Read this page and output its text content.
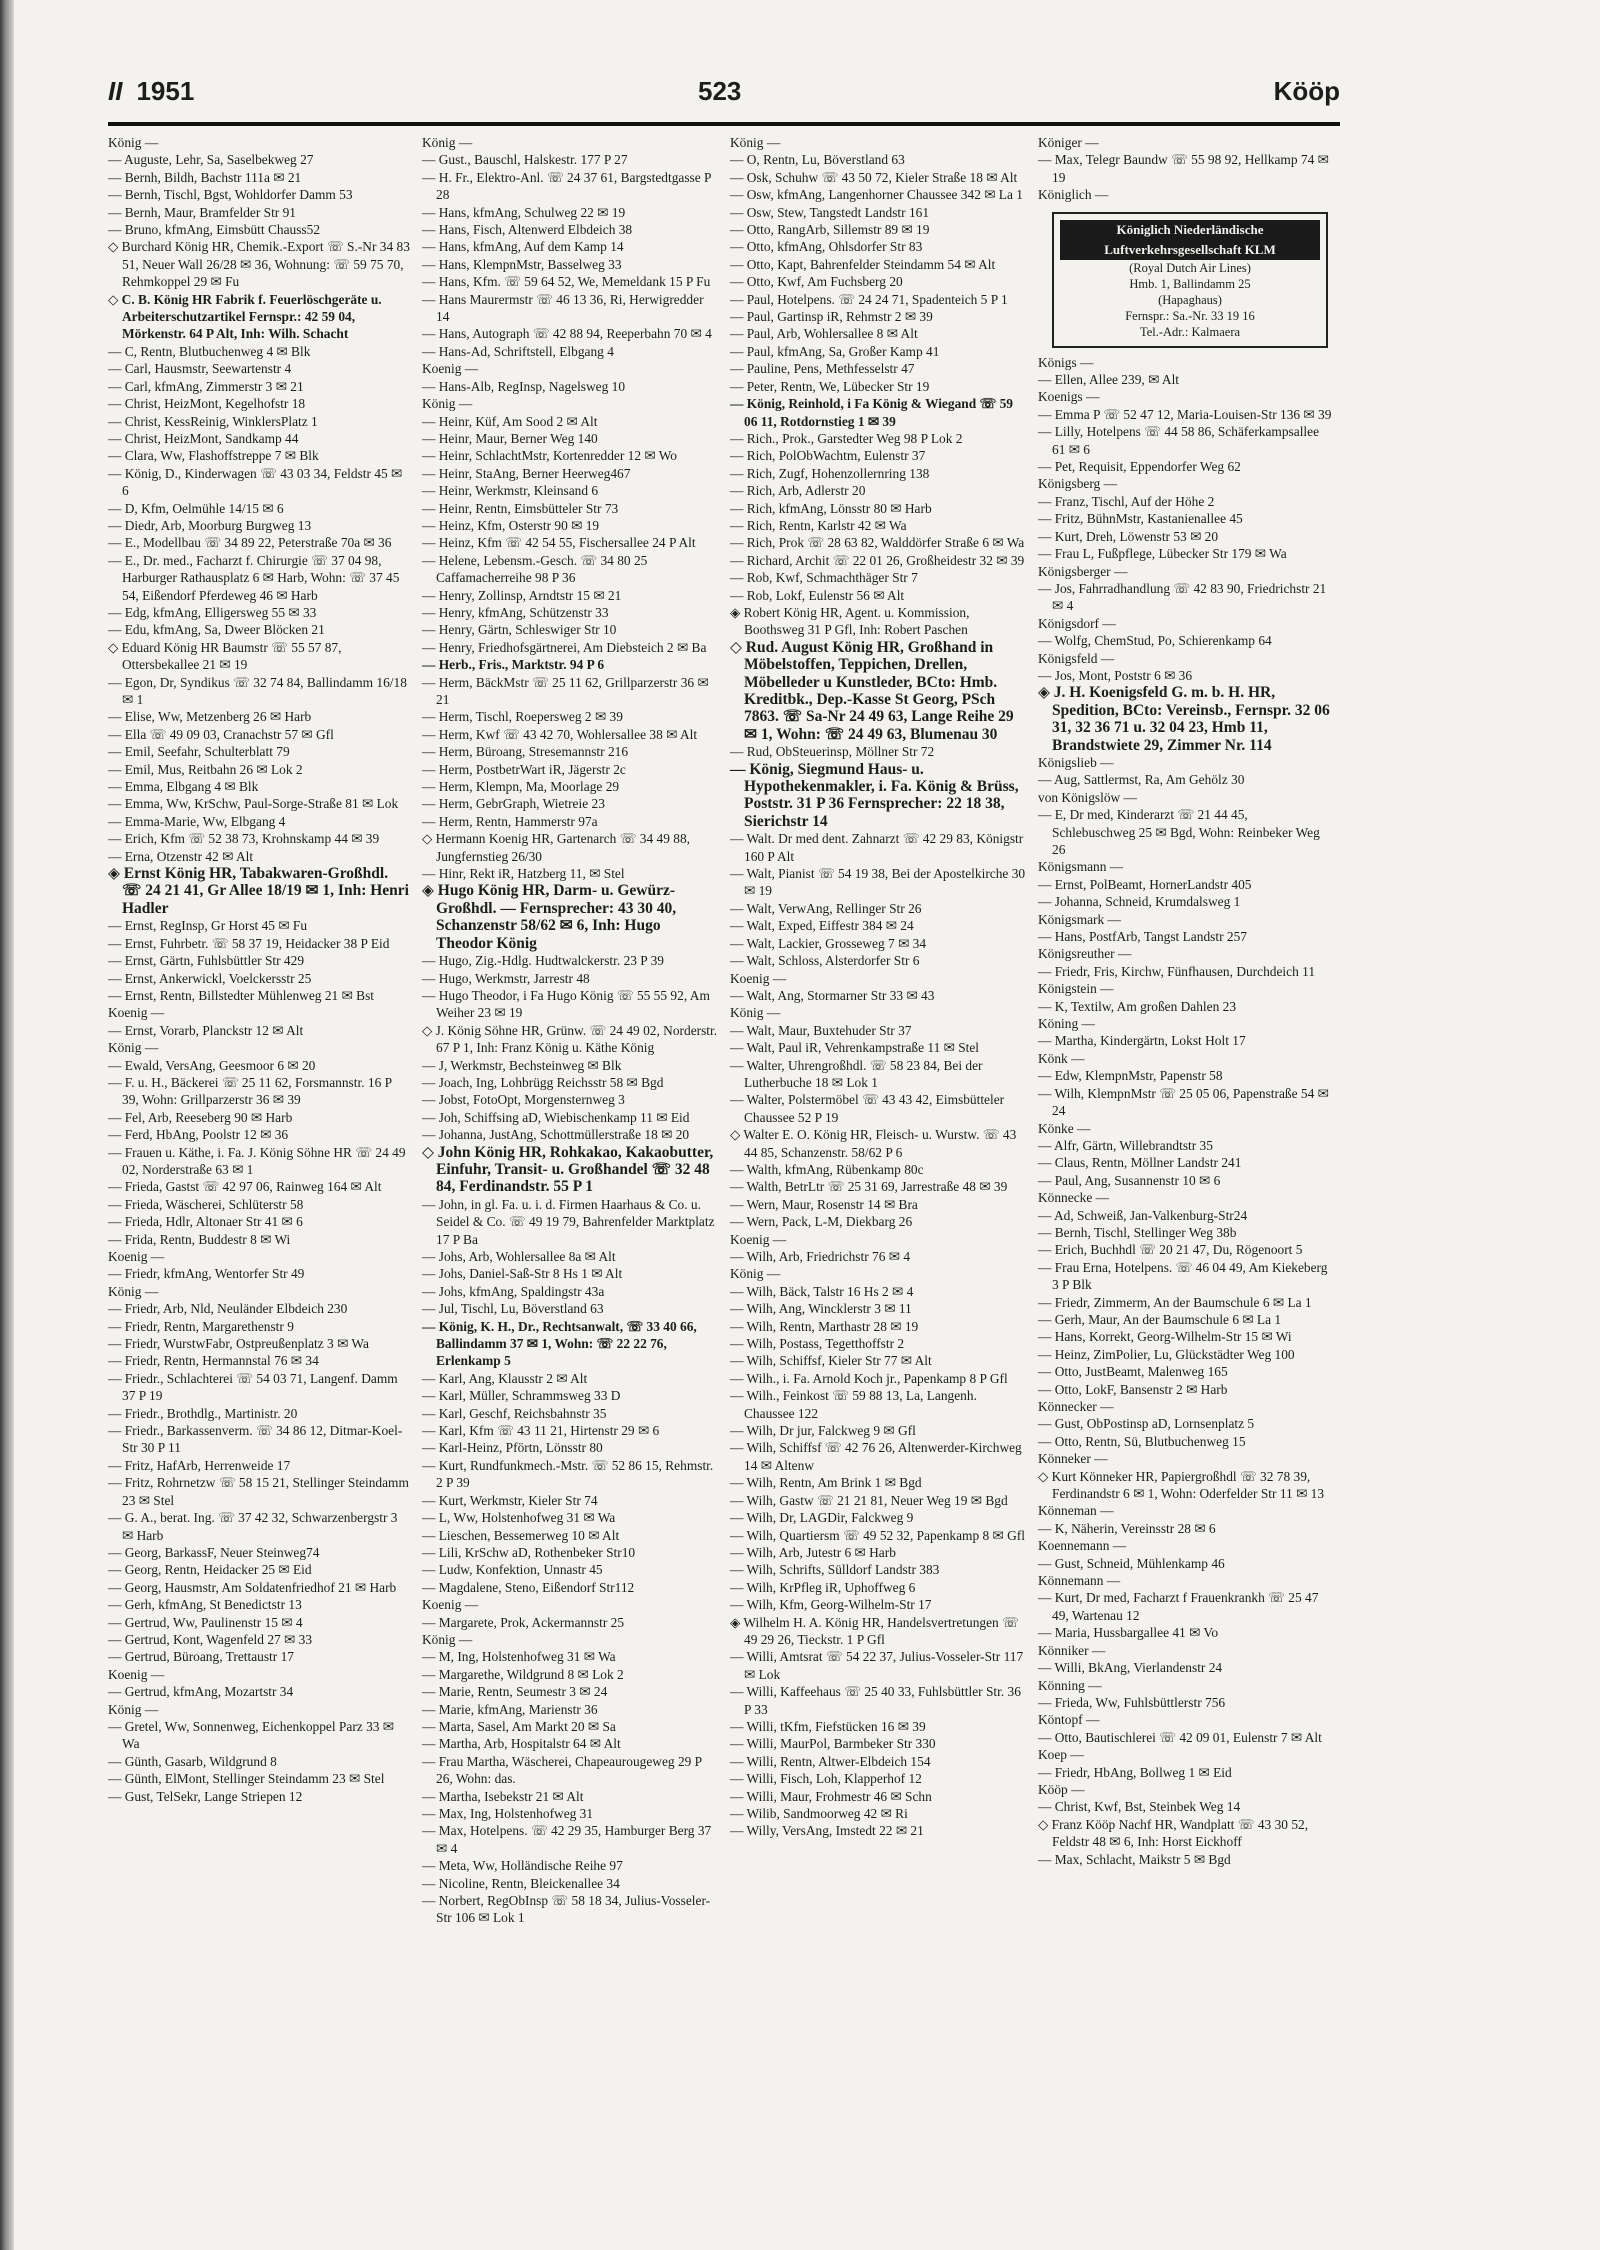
II 1951	523	Kööp
König —
— Auguste, Lehr, Sa, Saselbekweg 27
— Bernh, Bildh, Bachstr 111a ✉ 21
— Bernh, Tischl, Bgst, Wohldorfer Damm 53
— Bernh, Maur, Bramfelder Str 91
— Bruno, kfmAng, Eimsbütt Chauss52
◇ Burchard König HR, Chemik.-Export ☏ S.-Nr 34 83 51, Neuer Wall 26/28 ✉ 36, Wohnung: ☏ 59 75 70, Rehmkoppel 29 ✉ Fu
◇ C. B. König HR Fabrik f. Feuerlöschgeräte u. Arbeiterschutzartikel Fernspr.: 42 59 04, Mörkenstr. 64 P Alt, Inh: Wilh. Schacht
— C, Rentn, Blutbuchenweg 4 ✉ Blk
— Carl, Hausmstr, Seewartenstr 4
— Carl, kfmAng, Zimmerstr 3 ✉ 21
— Christ, HeizMont, Kegelhofstr 18
— Christ, KessReinig, WinklersPlatz 1
— Christ, HeizMont, Sandkamp 44
— Clara, Ww, Flashoffstreppe 7 ✉ Blk
— König, D., Kinderwagen ☏ 43 03 34, Feldstr 45 ✉ 6
— D, Kfm, Oelmühle 14/15 ✉ 6
— Diedr, Arb, Moorburg Burgweg 13
— E., Modellbau ☏ 34 89 22, Peterstraße 70a ✉ 36
— E., Dr. med., Facharzt f. Chirurgie ☏ 37 04 98, Harburger Rathausplatz 6 ✉ Harb, Wohn: ☏ 37 45 54, Eißendorf Pferdeweg 46 ✉ Harb
— Edg, kfmAng, Elligersweg 55 ✉ 33
— Edu, kfmAng, Sa, Dweer Blöcken 21
◇ Eduard König HR Baumstr ☏ 55 57 87, Ottersbekallee 21 ✉ 19
— Egon, Dr, Syndikus ☏ 32 74 84, Ballindamm 16/18 ✉ 1
— Elise, Ww, Metzenberg 26 ✉ Harb
— Ella ☏ 49 09 03, Cranachstr 57 ✉ Gfl
— Emil, Seefahr, Schulterblatt 79
— Emil, Mus, Reitbahn 26 ✉ Lok 2
— Emma, Elbgang 4 ✉ Blk
— Emma, Ww, KrSchw, Paul-Sorge-Straße 81 ✉ Lok
— Emma-Marie, Ww, Elbgang 4
— Erich, Kfm ☏ 52 38 73, Krohnskamp 44 ✉ 39
— Erna, Otzenstr 42 ✉ Alt
◈ Ernst König HR, Tabakwaren-Großhdl. ☏ 24 21 41, Gr Allee 18/19 ✉ 1, Inh: Henri Hadler
— Ernst, RegInsp, Gr Horst 45 ✉ Fu
— Ernst, Fuhrbetr. ☏ 58 37 19, Heidacker 38 P Eid
— Ernst, Gärtn, Fuhlsbüttler Str 429
— Ernst, Ankerwickl, Voelckersstr 25
— Ernst, Rentn, Billstedter Mühlenweg 21 ✉ Bst
Koenig —
— Ernst, Vorarb, Planckstr 12 ✉ Alt
König —
— Ewald, VersAng, Geesmoor 6 ✉ 20
— F. u. H., Bäckerei ☏ 25 11 62, Forsmannstr. 16 P 39, Wohn: Grillparzerstr 36 ✉ 39
— Fel, Arb, Reeseberg 90 ✉ Harb
— Ferd, HbAng, Poolstr 12 ✉ 36
— Frauen u. Käthe, i. Fa. J. König Söhne HR ☏ 24 49 02, Norderstraße 63 ✉ 1
— Frieda, Gastst ☏ 42 97 06, Rainweg 164 ✉ Alt
— Frieda, Wäscherei, Schlüterstr 58
— Frieda, Hdlr, Altonaer Str 41 ✉ 6
— Frida, Rentn, Buddestr 8 ✉ Wi
Koenig —
— Friedr, kfmAng, Wentorfer Str 49
König —
— Friedr, Arb, Nld, Neuländer Elbdeich 230
— Friedr, Rentn, Margarethenstr 9
— Friedr, WurstwFabr, Ostpreußenplatz 3 ✉ Wa
— Friedr, Rentn, Hermannstal 76 ✉ 34
— Friedr., Schlachterei ☏ 54 03 71, Langenf. Damm 37 P 19
— Friedr., Brothdlg., Martinistr. 20
— Friedr., Barkassenverm. ☏ 34 86 12, Ditmar-Koel-Str 30 P 11
— Fritz, HafArb, Herrenweide 17
— Fritz, Rohrnetzw ☏ 58 15 21, Stellinger Steindamm 23 ✉ Stel
— G. A., berat. Ing. ☏ 37 42 32, Schwarzenbergstr 3 ✉ Harb
— Georg, BarkassF, Neuer Steinweg74
— Georg, Rentn, Heidacker 25 ✉ Eid
— Georg, Hausmstr, Am Soldatenfriedhof 21 ✉ Harb
— Gerh, kfmAng, St Benedictstr 13
— Gertrud, Ww, Paulinenstr 15 ✉ 4
— Gertrud, Kont, Wagenfeld 27 ✉ 33
— Gertrud, Büroang, Trettaustr 17
Koenig —
— Gertrud, kfmAng, Mozartstr 34
König —
— Gretel, Ww, Sonnenweg, Eichenkoppel Parz 33 ✉ Wa
— Günth, Gasarb, Wildgrund 8
— Günth, ElMont, Stellinger Steindamm 23 ✉ Stel
— Gust, TelSekr, Lange Striepen 12
König —
— Gust., Bauschl, Halskestr. 177 P 27
— H. Fr., Elektro-Anl. ☏ 24 37 61, Bargstedtgasse P 28
— Hans, kfmAng, Schulweg 22 ✉ 19
— Hans, Fisch, Altenwerd Elbdeich 38
— Hans, kfmAng, Auf dem Kamp 14
— Hans, KlempnMstr, Basselweg 33
— Hans, Kfm. ☏ 59 64 52, We, Memeldank 15 P Fu
— Hans Maurermstr ☏ 46 13 36, Ri, Herwigredder 14
— Hans, Autograph ☏ 42 88 94, Reeperbahn 70 ✉ 4
— Hans-Ad, Schriftstell, Elbgang 4
Koenig —
— Hans-Alb, RegInsp, Nagelsweg 10
König —
— Heinr, Küf, Am Sood 2 ✉ Alt
— Heinr, Maur, Berner Weg 140
— Heinr, SchlachtMstr, Kortenredder 12 ✉ Wo
— Heinr, StaAng, Berner Heerweg467
— Heinr, Werkmstr, Kleinsand 6
— Heinr, Rentn, Eimsbütteler Str 73
— Heinz, Kfm, Osterstr 90 ✉ 19
— Heinz, Kfm ☏ 42 54 55, Fischersallee 24 P Alt
— Helene, Lebensm.-Gesch. ☏ 34 80 25 Caffamacherreihe 98 P 36
— Henry, Zollinsp, Arndtstr 15 ✉ 21
— Henry, kfmAng, Schützenstr 33
— Henry, Gärtn, Schleswiger Str 10
— Henry, Friedhofsgärtnerei, Am Diebsteich 2 ✉ Ba
— Herb., Fris., Marktstr. 94 P 6
— Herm, BäckMstr ☏ 25 11 62, Grillparzerstr 36 ✉ 21
— Herm, Tischl, Roepersweg 2 ✉ 39
— Herm, Kwf ☏ 43 42 70, Wohlersallee 38 ✉ Alt
— Herm, Büroang, Stresemannstr 216
— Herm, PostbetrWart iR, Jägerstr 2c
— Herm, Klempn, Ma, Moorlage 29
— Herm, GebrGraph, Wietreie 23
— Herm, Rentn, Hammerstr 97a
◇ Hermann Koenig HR, Gartenarch ☏ 34 49 88, Jungfernstieg 26/30
— Hinr, Rekt iR, Hatzberg 11, ✉ Stel
◈ Hugo König HR, Darm- u. Gewürz-Großhdl. — Fernsprecher: 43 30 40, Schanzenstr 58/62 ✉ 6, Inh: Hugo Theodor König
— Hugo, Zig.-Hdlg. Hudtwalckerstr. 23 P 39
— Hugo, Werkmstr, Jarrestr 48
— Hugo Theodor, i Fa Hugo König ☏ 55 55 92, Am Weiher 23 ✉ 19
◇ J. König Söhne HR, Grünw. ☏ 24 49 02, Norderstr. 67 P 1, Inh: Franz König u. Käthe König
— J, Werkmstr, Bechsteinweg ✉ Blk
— Joach, Ing, Lohbrügg Reichsstr 58 ✉ Bgd
— Jobst, FotoOpt, Morgensternweg 3
— Joh, Schiffsing aD, Wiebischenkamp 11 ✉ Eid
— Johanna, JustAng, Schottmüllerstraße 18 ✉ 20
◇ John König HR, Rohkakao, Kakaobutter, Einfuhr, Transit- u. Großhandel ☏ 32 48 84, Ferdinandstr. 55 P 1
— John, in gl. Fa. u. i. d. Firmen Haarhaus & Co. u. Seidel & Co. ☏ 49 19 79, Bahrenfelder Marktplatz 17 P Ba
— Johs, Arb, Wohlersallee 8a ✉ Alt
— Johs, Daniel-Saß-Str 8 Hs 1 ✉ Alt
— Johs, kfmAng, Spaldingstr 43a
— Jul, Tischl, Lu, Böverstland 63
— König, K. H., Dr., Rechtsanwalt, ☏ 33 40 66, Ballindamm 37 ✉ 1, Wohn: ☏ 22 22 76, Erlenkamp 5
— Karl, Ang, Klausstr 2 ✉ Alt
— Karl, Müller, Schrammsweg 33 D
— Karl, Geschf, Reichsbahnstr 35
— Karl, Kfm ☏ 43 11 21, Hirtenstr 29 ✉ 6
— Karl-Heinz, Pförtn, Lönsstr 80
— Kurt, Rundfunkmech.-Mstr. ☏ 52 86 15, Rehmstr. 2 P 39
— Kurt, Werkmstr, Kieler Str 74
— L, Ww, Holstenhofweg 31 ✉ Wa
— Lieschen, Bessemerweg 10 ✉ Alt
— Lili, KrSchw aD, Rothenbeker Str10
— Ludw, Konfektion, Unnastr 45
— Magdalene, Steno, Eißendorf Str112
Koenig —
— Margarete, Prok, Ackermannstr 25
König —
— M, Ing, Holstenhofweg 31 ✉ Wa
— Margarethe, Wildgrund 8 ✉ Lok 2
— Marie, Rentn, Seumestr 3 ✉ 24
— Marie, kfmAng, Marienstr 36
— Marta, Sasel, Am Markt 20 ✉ Sa
— Martha, Arb, Hospitalstr 64 ✉ Alt
— Frau Martha, Wäscherei, Chapeaurougeweg 29 P 26, Wohn: das.
— Martha, Isebekstr 21 ✉ Alt
— Max, Ing, Holstenhofweg 31
— Max, Hotelpens. ☏ 42 29 35, Hamburger Berg 37 ✉ 4
— Meta, Ww, Holländische Reihe 97
— Nicoline, Rentn, Bleickenallee 34
— Norbert, RegObInsp ☏ 58 18 34, Julius-Vosseler-Str 106 ✉ Lok 1
König —
— O, Rentn, Lu, Böverstland 63
— Osk, Schuhw ☏ 43 50 72, Kieler Straße 18 ✉ Alt
— Osw, kfmAng, Langenhorner Chaussee 342 ✉ La 1
— Osw, Stew, Tangstedt Landstr 161
— Otto, RangArb, Sillemstr 89 ✉ 19
— Otto, kfmAng, Ohlsdorfer Str 83
— Otto, Kapt, Bahrenfelder Steindamm 54 ✉ Alt
— Otto, Kwf, Am Fuchsberg 20
— Paul, Hotelpens. ☏ 24 24 71, Spadenteich 5 P 1
— Paul, Gartinsp iR, Rehmstr 2 ✉ 39
— Paul, Arb, Wohlersallee 8 ✉ Alt
— Paul, kfmAng, Sa, Großer Kamp 41
— Pauline, Pens, Methfesselstr 47
— Peter, Rentn, We, Lübecker Str 19
— König, Reinhold, i Fa König & Wiegand ☏ 59 06 11, Rotdornstieg 1 ✉ 39
— Rich., Prok., Garstedter Weg 98 P Lok 2
— Rich, PolObWachtm, Eulenstr 37
— Rich, Zugf, Hohenzollernring 138
— Rich, Arb, Adlerstr 20
— Rich, kfmAng, Lönsstr 80 ✉ Harb
— Rich, Rentn, Karlstr 42 ✉ Wa
— Rich, Prok ☏ 28 63 82, Walddörfer Straße 6 ✉ Wa
— Richard, Archit ☏ 22 01 26, Großheidestr 32 ✉ 39
— Rob, Kwf, Schmachthäger Str 7
— Rob, Lokf, Eulenstr 56 ✉ Alt
◈ Robert König HR, Agent. u. Kommission, Boothsweg 31 P Gfl, Inh: Robert Paschen
◇ Rud. August König HR, Großhand in Möbelstoffen, Teppichen, Drellen, Möbelleder u Kunstleder, BCto: Hmb. Kreditbk., Dep.-Kasse St Georg, PSch 7863. ☏ Sa-Nr 24 49 63, Lange Reihe 29 ✉ 1, Wohn: ☏ 24 49 63, Blumenau 30
— Rud, ObSteuerinsp, Möllner Str 72
— König, Siegmund Haus- u. Hypothekenmakler, i. Fa. König & Brüss, Poststr. 31 P 36 Fernsprecher: 22 18 38, Sierichstr 14
— Walt. Dr med dent. Zahnarzt ☏ 42 29 83, Königstr 160 P Alt
— Walt, Pianist ☏ 54 19 38, Bei der Apostelkirche 30 ✉ 19
— Walt, VerwAng, Rellinger Str 26
— Walt, Exped, Eiffestr 384 ✉ 24
— Walt, Lackier, Grosseweg 7 ✉ 34
— Walt, Schloss, Alsterdorfer Str 6
Koenig —
— Walt, Ang, Stormarner Str 33 ✉ 43
König —
— Walt, Maur, Buxtehuder Str 37
— Walt, Paul iR, Vehrenkampstraße 11 ✉ Stel
— Walter, Uhrengroßhdl. ☏ 58 23 84, Bei der Lutherbuche 18 ✉ Lok 1
— Walter, Polstermöbel ☏ 43 43 42, Eimsbütteler Chaussee 52 P 19
◇ Walter E. O. König HR, Fleisch- u. Wurstw. ☏ 43 44 85, Schanzenstr. 58/62 P 6
— Walth, kfmAng, Rübenkamp 80c
— Walth, BetrLtr ☏ 25 31 69, Jarrestraße 48 ✉ 39
— Wern, Maur, Rosenstr 14 ✉ Bra
— Wern, Pack, L-M, Diekbarg 26
Koenig —
— Wilh, Arb, Friedrichstr 76 ✉ 4
König —
— Wilh, Bäck, Talstr 16 Hs 2 ✉ 4
— Wilh, Ang, Wincklerstr 3 ✉ 11
— Wilh, Rentn, Marthastr 28 ✉ 19
— Wilh, Postass, Tegetthoffstr 2
— Wilh, Schiffsf, Kieler Str 77 ✉ Alt
— Wilh., i. Fa. Arnold Koch jr., Papenkamp 8 P Gfl
— Wilh., Feinkost ☏ 59 88 13, La, Langenh. Chaussee 122
— Wilh, Dr jur, Falckweg 9 ✉ Gfl
— Wilh, Schiffsf ☏ 42 76 26, Altenwerder-Kirchweg 14 ✉ Altenw
— Wilh, Rentn, Am Brink 1 ✉ Bgd
— Wilh, Gastw ☏ 21 21 81, Neuer Weg 19 ✉ Bgd
— Wilh, Dr, LAGDir, Falckweg 9
— Wilh, Quartiersm ☏ 49 52 32, Papenkamp 8 ✉ Gfl
— Wilh, Arb, Jutestr 6 ✉ Harb
— Wilh, Schrifts, Sülldorf Landstr 383
— Wilh, KrPfleg iR, Uphoffweg 6
— Wilh, Kfm, Georg-Wilhelm-Str 17
◈ Wilhelm H. A. König HR, Handelsvertretungen ☏ 49 29 26, Tieckstr. 1 P Gfl
— Willi, Amtsrat ☏ 54 22 37, Julius-Vosseler-Str 117 ✉ Lok
— Willi, Kaffeehaus ☏ 25 40 33, Fuhlsbüttler Str. 36 P 33
— Willi, tKfm, Fiefstücken 16 ✉ 39
— Willi, MaurPol, Barmbeker Str 330
— Willi, Rentn, Altwer-Elbdeich 154
— Willi, Fisch, Loh, Klapperhof 12
— Willi, Maur, Frohmestr 46 ✉ Schn
— Wilib, Sandmoorweg 42 ✉ Ri
— Willy, VersAng, Imstedt 22 ✉ 21
Königer —
— Max, Telegr Baundw ☏ 55 98 92, Hellkamp 74 ✉ 19
Königlich —
Königlich Niederländische
Luftverkehrsgesellschaft KLM
(Royal Dutch Air Lines)
Hmb. 1, Ballindamm 25
(Hapaghaus)
Fernspr.: Sa.-Nr. 33 19 16
Tel.-Adr.: Kalmaera
Königs —
— Ellen, Allee 239, ✉ Alt
Koenigs —
— Emma P ☏ 52 47 12, Maria-Louisen-Str 136 ✉ 39
— Lilly, Hotelpens ☏ 44 58 86, Schäferkampsallee 61 ✉ 6
— Pet, Requisit, Eppendorfer Weg 62
Königsberg —
— Franz, Tischl, Auf der Höhe 2
— Fritz, BühnMstr, Kastanienallee 45
— Kurt, Dreh, Löwenstr 53 ✉ 20
— Frau L, Fußpflege, Lübecker Str 179 ✉ Wa
Königsberger —
— Jos, Fahrradhandlung ☏ 42 83 90, Friedrichstr 21 ✉ 4
Königsdorf —
— Wolfg, ChemStud, Po, Schierenkamp 64
Königsfeld —
— Jos, Mont, Poststr 6 ✉ 36
◈ J. H. Koenigsfeld G. m. b. H. HR, Spedition, BCto: Vereinsb., Fernspr. 32 06 31, 32 36 71 u. 32 04 23, Hmb 11, Brandstwiete 29, Zimmer Nr. 114
Königslieb —
— Aug, Sattlermst, Ra, Am Gehölz 30
von Königslöw —
— E, Dr med, Kinderarzt ☏ 21 44 45, Schlebuschweg 25 ✉ Bgd, Wohn: Reinbeker Weg 26
Königsmann —
— Ernst, PolBeamt, HornerLandstr 405
— Johanna, Schneid, Krumdalsweg 1
Königsmark —
— Hans, PostfArb, Tangst Landstr 257
Königsreuther —
— Friedr, Fris, Kirchw, Fünfhausen, Durchdeich 11
Königstein —
— K, Textilw, Am großen Dahlen 23
Köning —
— Martha, Kindergärtn, Lokst Holt 17
Könk —
— Edw, KlempnMstr, Papenstr 58
— Wilh, KlempnMstr ☏ 25 05 06, Papenstraße 54 ✉ 24
Könke —
— Alfr, Gärtn, Willebrandtstr 35
— Claus, Rentn, Möllner Landstr 241
— Paul, Ang, Susannenstr 10 ✉ 6
Könnecke —
— Ad, Schweiß, Jan-Valkenburg-Str24
— Bernh, Tischl, Stellinger Weg 38b
— Erich, Buchhdl ☏ 20 21 47, Du, Rögenoort 5
— Frau Erna, Hotelpens. ☏ 46 04 49, Am Kiekeberg 3 P Blk
— Friedr, Zimmerm, An der Baumschule 6 ✉ La 1
— Gerh, Maur, An der Baumschule 6 ✉ La 1
— Hans, Korrekt, Georg-Wilhelm-Str 15 ✉ Wi
— Heinz, ZimPolier, Lu, Glückstädter Weg 100
— Otto, JustBeamt, Malenweg 165
— Otto, LokF, Bansenstr 2 ✉ Harb
Könnecker —
— Gust, ObPostinsp aD, Lornsenplatz 5
— Otto, Rentn, Sü, Blutbuchenweg 15
Könneker —
◇ Kurt Könneker HR, Papiergroßhdl ☏ 32 78 39, Ferdinandstr 6 ✉ 1, Wohn: Oderfelder Str 11 ✉ 13
Könneman —
— K, Näherin, Vereinsstr 28 ✉ 6
Koennemann —
— Gust, Schneid, Mühlenkamp 46
Könnemann —
— Kurt, Dr med, Facharzt f Frauenkrankh ☏ 25 47 49, Wartenau 12
— Maria, Hussbargallee 41 ✉ Vo
Könniker —
— Willi, BkAng, Vierlandenstr 24
Könning —
— Frieda, Ww, Fuhlsbüttlerstr 756
Köntopf —
— Otto, Bautischlerei ☏ 42 09 01, Eulenstr 7 ✉ Alt
Koep —
— Friedr, HbAng, Bollweg 1 ✉ Eid
Kööp —
— Christ, Kwf, Bst, Steinbek Weg 14
◇ Franz Kööp Nachf HR, Wandplatt ☏ 43 30 52, Feldstr 48 ✉ 6, Inh: Horst Eickhoff
— Max, Schlacht, Maikstr 5 ✉ Bgd
